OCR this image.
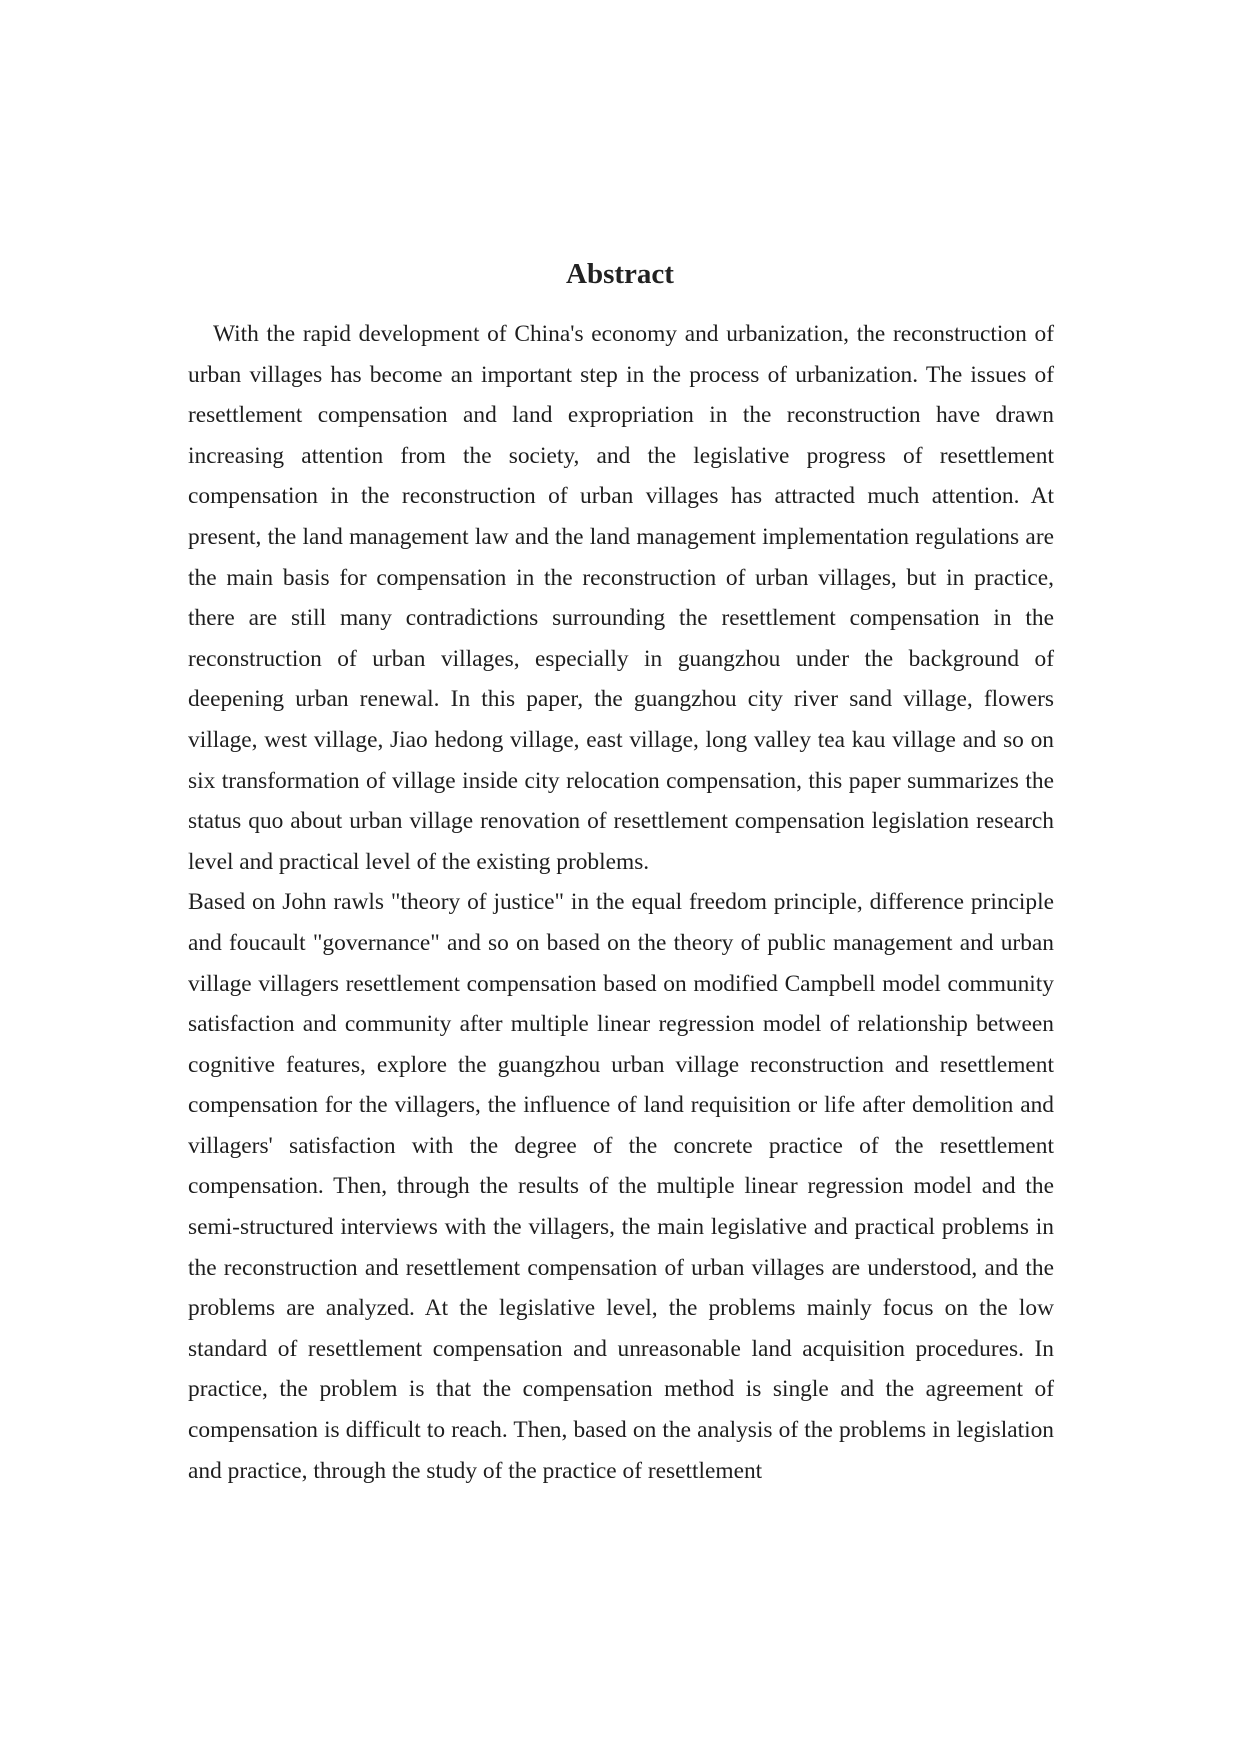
Abstract

With the rapid development of China's economy and urbanization, the reconstruction of urban villages has become an important step in the process of urbanization. The issues of resettlement compensation and land expropriation in the reconstruction have drawn increasing attention from the society, and the legislative progress of resettlement compensation in the reconstruction of urban villages has attracted much attention. At present, the land management law and the land management implementation regulations are the main basis for compensation in the reconstruction of urban villages, but in practice, there are still many contradictions surrounding the resettlement compensation in the reconstruction of urban villages, especially in guangzhou under the background of deepening urban renewal. In this paper, the guangzhou city river sand village, flowers village, west village, Jiao hedong village, east village, long valley tea kau village and so on six transformation of village inside city relocation compensation, this paper summarizes the status quo about urban village renovation of resettlement compensation legislation research level and practical level of the existing problems.

Based on John rawls "theory of justice" in the equal freedom principle, difference principle and foucault "governance" and so on based on the theory of public management and urban village villagers resettlement compensation based on modified Campbell model community satisfaction and community after multiple linear regression model of relationship between cognitive features, explore the guangzhou urban village reconstruction and resettlement compensation for the villagers, the influence of land requisition or life after demolition and villagers' satisfaction with the degree of the concrete practice of the resettlement compensation. Then, through the results of the multiple linear regression model and the semi-structured interviews with the villagers, the main legislative and practical problems in the reconstruction and resettlement compensation of urban villages are understood, and the problems are analyzed. At the legislative level, the problems mainly focus on the low standard of resettlement compensation and unreasonable land acquisition procedures. In practice, the problem is that the compensation method is single and the agreement of compensation is difficult to reach. Then, based on the analysis of the problems in legislation and practice, through the study of the practice of resettlement
